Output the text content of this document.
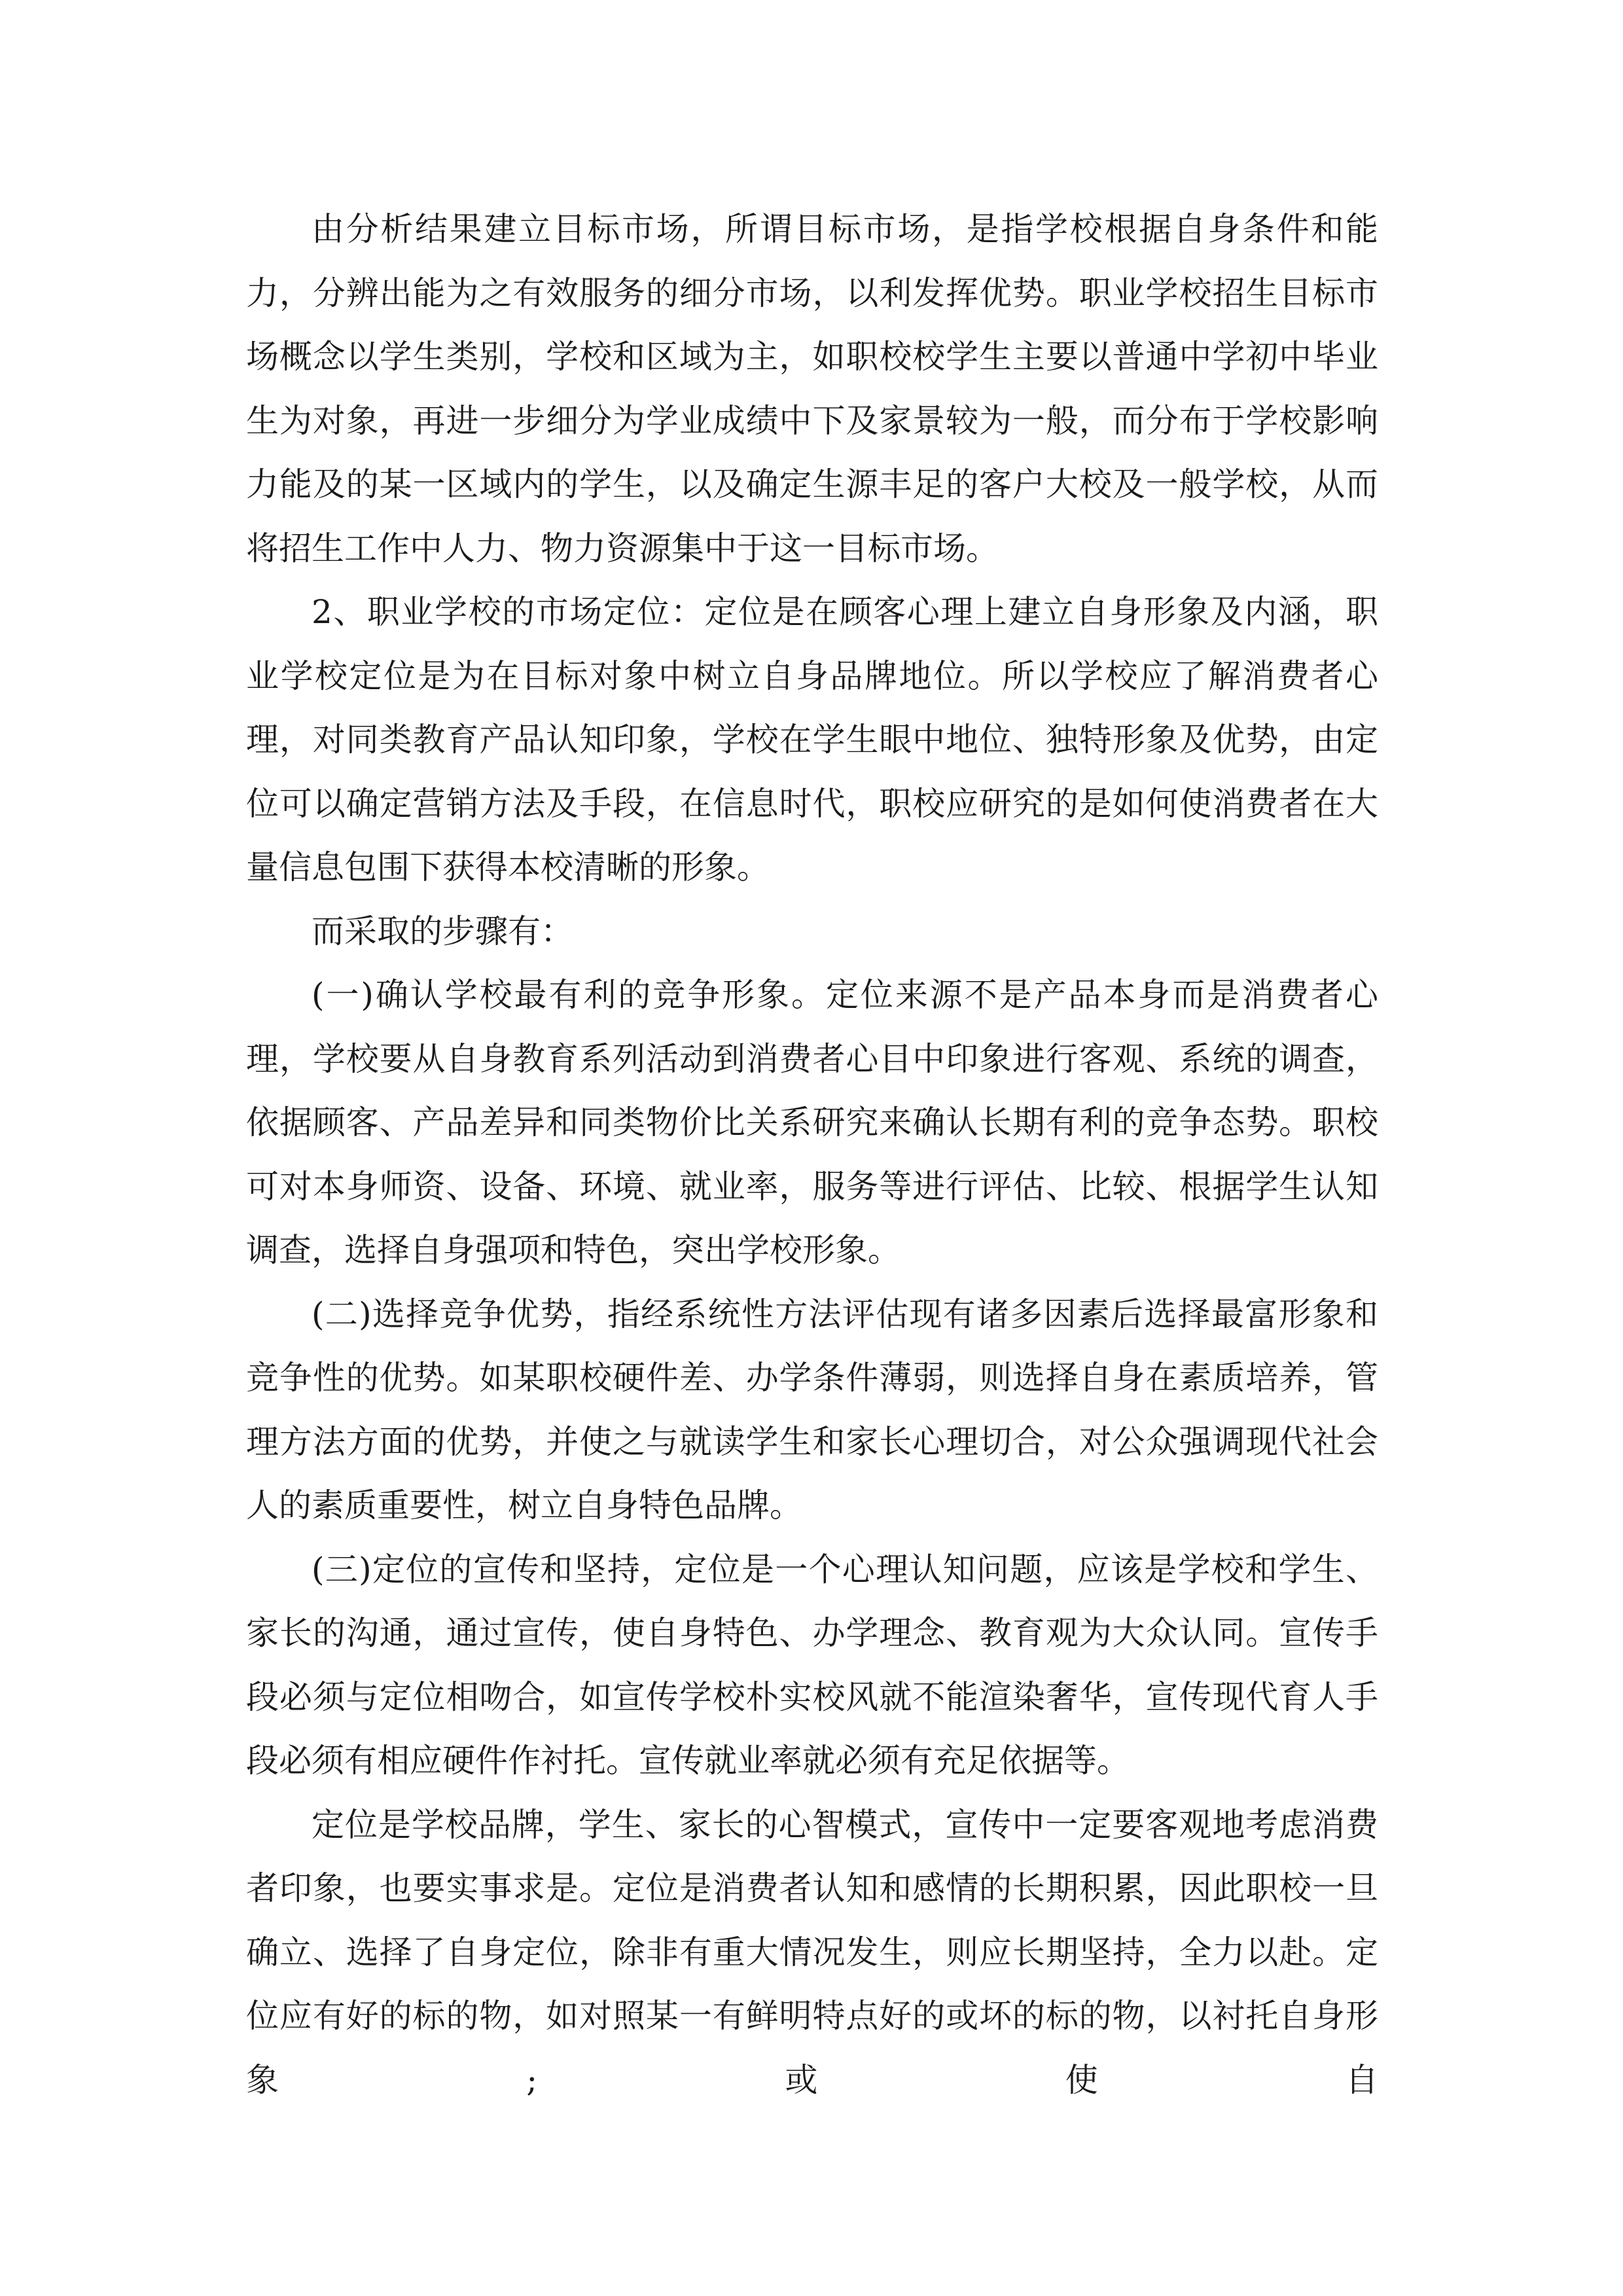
由分析结果建立目标市场，所谓目标市场，是指学校根据自身条件和能力，分辨出能为之有效服务的细分市场，以利发挥优势。职业学校招生目标市场概念以学生类别，学校和区域为主，如职校校学生主要以普通中学初中毕业生为对象，再进一步细分为学业成绩中下及家景较为一般，而分布于学校影响力能及的某一区域内的学生，以及确定生源丰足的客户大校及一般学校，从而将招生工作中人力、物力资源集中于这一目标市场。

2、职业学校的市场定位：定位是在顾客心理上建立自身形象及内涵，职业学校定位是为在目标对象中树立自身品牌地位。所以学校应了解消费者心理，对同类教育产品认知印象，学校在学生眼中地位、独特形象及优势，由定位可以确定营销方法及手段，在信息时代，职校应研究的是如何使消费者在大量信息包围下获得本校清晰的形象。

而采取的步骤有：

(一)确认学校最有利的竞争形象。定位来源不是产品本身而是消费者心理，学校要从自身教育系列活动到消费者心目中印象进行客观、系统的调查，依据顾客、产品差异和同类物价比关系研究来确认长期有利的竞争态势。职校可对本身师资、设备、环境、就业率，服务等进行评估、比较、根据学生认知调查，选择自身强项和特色，突出学校形象。

(二)选择竞争优势，指经系统性方法评估现有诸多因素后选择最富形象和竞争性的优势。如某职校硬件差、办学条件薄弱，则选择自身在素质培养，管理方法方面的优势，并使之与就读学生和家长心理切合，对公众强调现代社会人的素质重要性，树立自身特色品牌。

(三)定位的宣传和坚持，定位是一个心理认知问题，应该是学校和学生、家长的沟通，通过宣传，使自身特色、办学理念、教育观为大众认同。宣传手段必须与定位相吻合，如宣传学校朴实校风就不能渲染奢华，宣传现代育人手段必须有相应硬件作衬托。宣传就业率就必须有充足依据等。

定位是学校品牌，学生、家长的心智模式，宣传中一定要客观地考虑消费者印象，也要实事求是。定位是消费者认知和感情的长期积累，因此职校一旦确立、选择了自身定位，除非有重大情况发生，则应长期坚持，全力以赴。定位应有好的标的物，如对照某一有鲜明特点好的或坏的标的物，以衬托自身形象;或使自
